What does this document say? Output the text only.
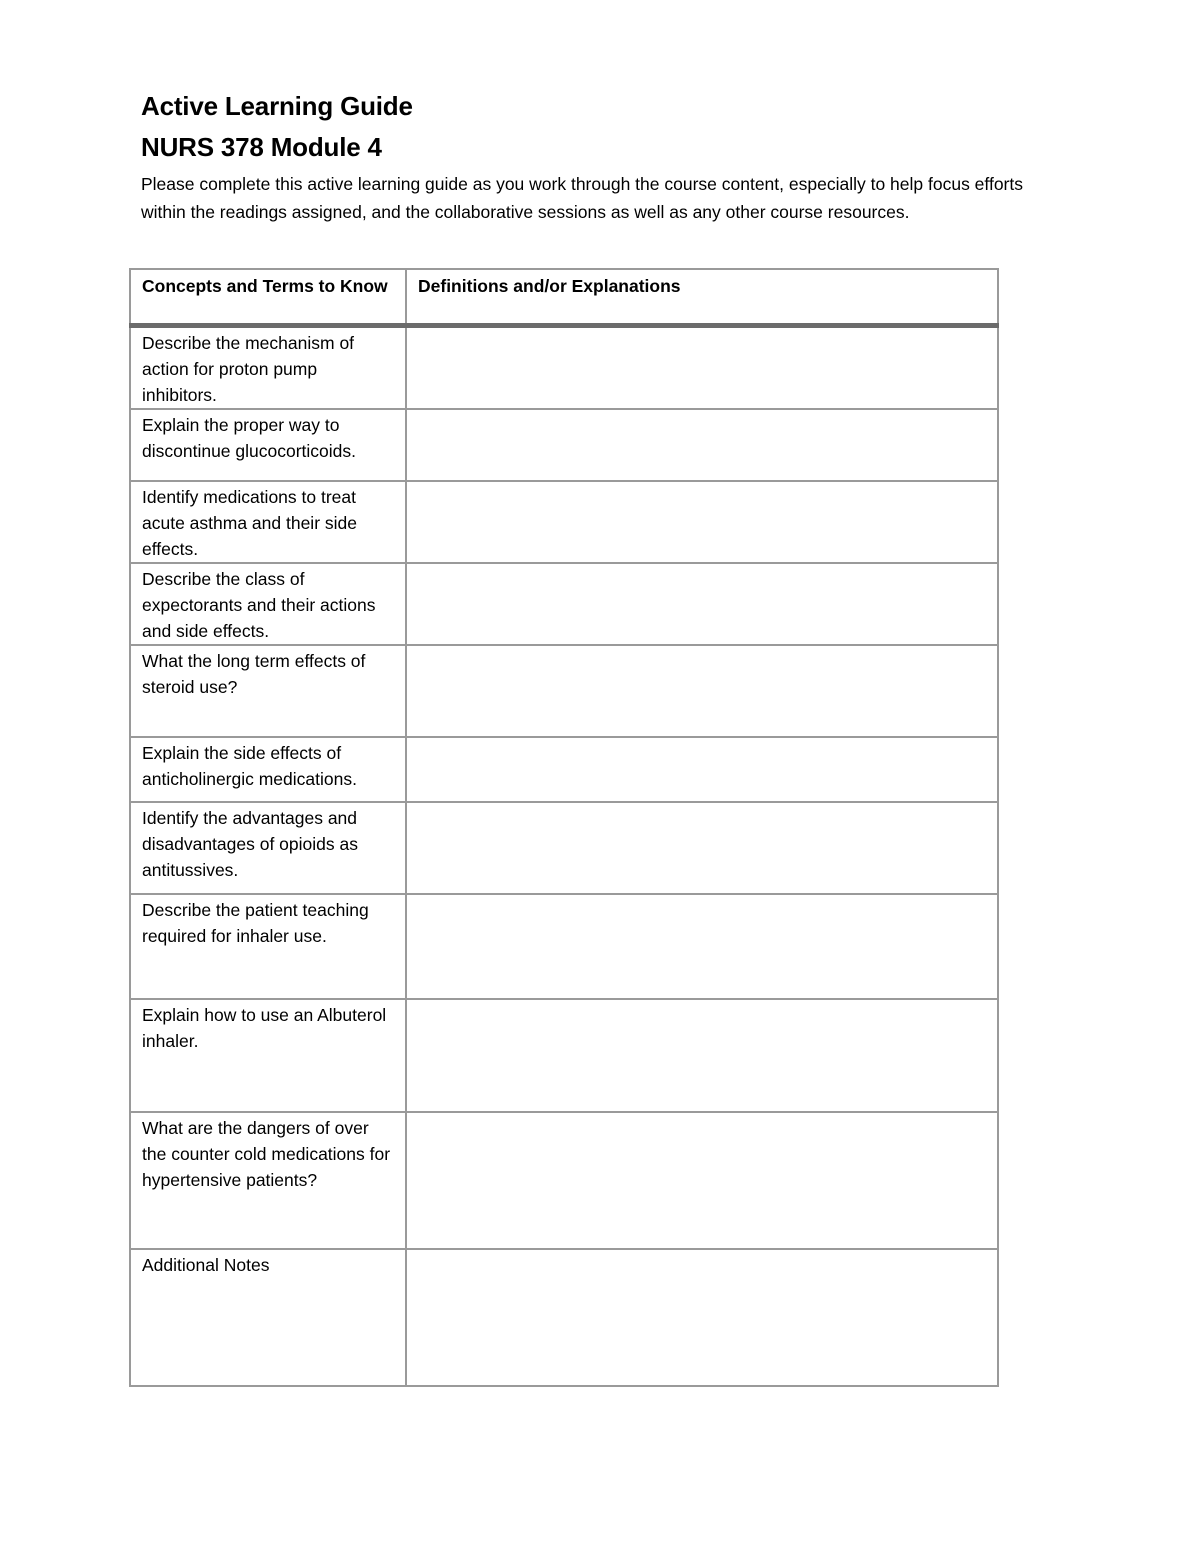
Active Learning Guide
NURS 378 Module 4
Please complete this active learning guide as you work through the course content, especially to help focus efforts within the readings assigned, and the collaborative sessions as well as any other course resources.
Concepts and Terms to Know	Definitions and/or Explanations
Describe the mechanism of action for proton pump inhibitors.	
Explain the proper way to discontinue glucocorticoids.	
Identify medications to treat acute asthma and their side effects.	
Describe the class of expectorants and their actions and side effects.	
What the long term effects of steroid use?	
Explain the side effects of anticholinergic medications.	
Identify the advantages and disadvantages of opioids as antitussives.	
Describe the patient teaching required for inhaler use.	
Explain how to use an Albuterol inhaler.	
What are the dangers of over the counter cold medications for hypertensive patients?	
Additional Notes	
